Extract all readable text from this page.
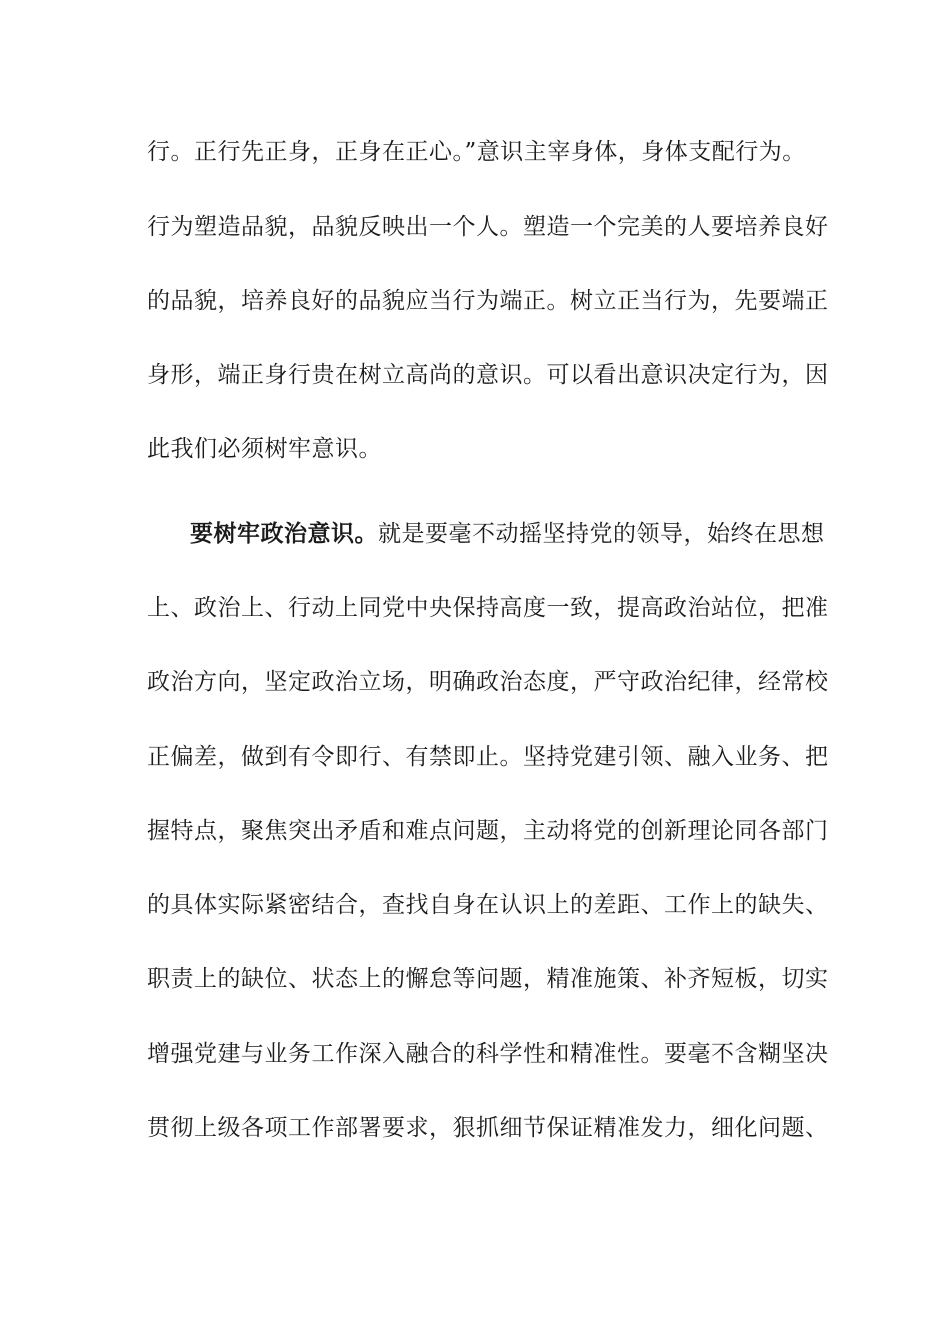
行。正行先正身，正身在正心。”意识主宰身体，身体支配行为。
行为塑造品貌，品貌反映出一个人。塑造一个完美的人要培养良好
的品貌，培养良好的品貌应当行为端正。树立正当行为，先要端正
身形，端正身行贵在树立高尚的意识。可以看出意识决定行为，因
此我们必须树牢意识。
要树牢政治意识。就是要毫不动摇坚持党的领导，始终在思想
上、政治上、行动上同党中央保持高度一致，提高政治站位，把准
政治方向，坚定政治立场，明确政治态度，严守政治纪律，经常校
正偏差，做到有令即行、有禁即止。坚持党建引领、融入业务、把
握特点，聚焦突出矛盾和难点问题，主动将党的创新理论同各部门
的具体实际紧密结合，查找自身在认识上的差距、工作上的缺失、
职责上的缺位、状态上的懈怠等问题，精准施策、补齐短板，切实
增强党建与业务工作深入融合的科学性和精准性。要毫不含糊坚决
贯彻上级各项工作部署要求，狠抓细节保证精准发力，细化问题、
